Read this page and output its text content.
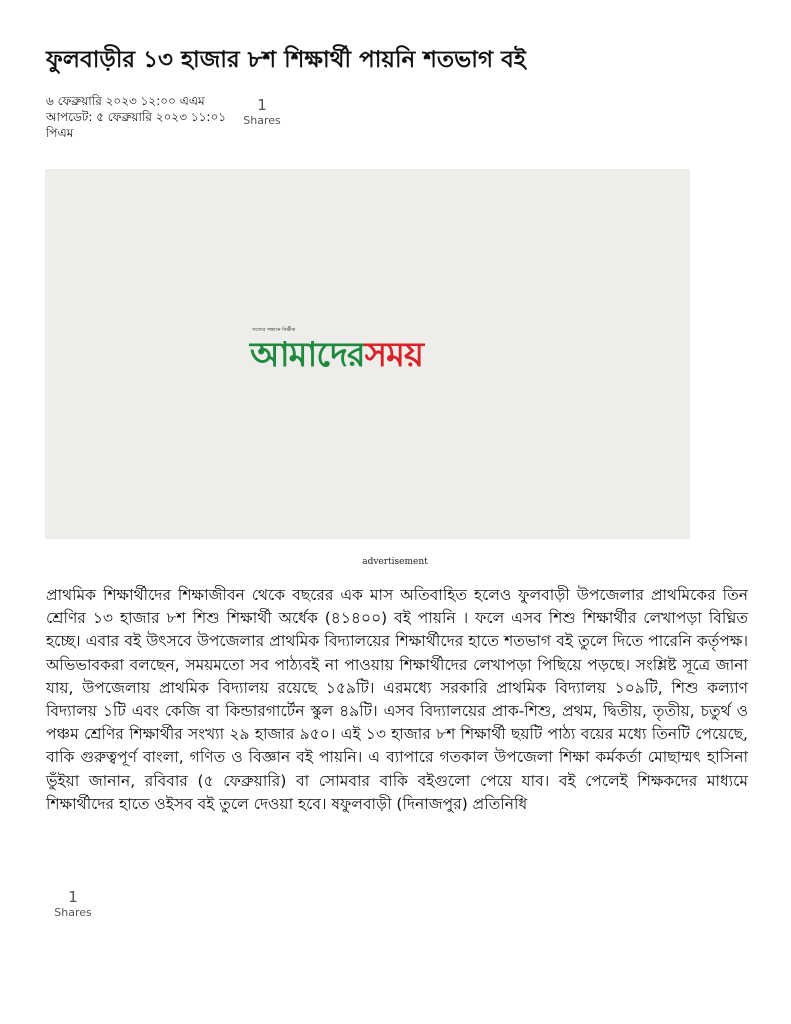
ফুলবাড়ীর ১৩ হাজার ৮শ শিক্ষার্থী পায়নি শতভাগ বই
৬ ফেব্রুয়ারি ২০২৩ ১২:০০ এএম
আপডেট: ৫ ফেব্রুয়ারি ২০২৩ ১১:০১ পিএম
1
Shares
সত্যের সন্ধানে নির্ভীক
আমাদেরসময়
advertisement

প্রাথমিক শিক্ষার্থীদের শিক্ষাজীবন থেকে বছরের এক মাস অতিবাহিত হলেও ফুলবাড়ী উপজেলার প্রাথমিকের তিন শ্রেণির ১৩ হাজার ৮শ শিশু শিক্ষার্থী অর্ধেক (৪১৪০০) বই পায়নি । ফলে এসব শিশু শিক্ষার্থীর লেখাপড়া বিঘ্নিত হচ্ছে। এবার বই উৎসবে উপজেলার প্রাথমিক বিদ্যালয়ের শিক্ষার্থীদের হাতে শতভাগ বই তুলে দিতে পারেনি কর্তৃপক্ষ। অভিভাবকরা বলছেন, সময়মতো সব পাঠ্যবই না পাওয়ায় শিক্ষার্থীদের লেখাপড়া পিছিয়ে পড়ছে। সংশ্লিষ্ট সূত্রে জানা যায়, উপজেলায় প্রাথমিক বিদ্যালয় রয়েছে ১৫৯টি। এরমধ্যে সরকারি প্রাথমিক বিদ্যালয় ১০৯টি, শিশু কল্যাণ বিদ্যালয় ১টি এবং কেজি বা কিন্ডারগার্টেন স্কুল ৪৯টি। এসব বিদ্যালয়ের প্রাক-শিশু, প্রথম, দ্বিতীয়, তৃতীয়, চতুর্থ ও পঞ্চম শ্রেণির শিক্ষার্থীর সংখ্যা ২৯ হাজার ৯৫০। এই ১৩ হাজার ৮শ শিক্ষার্থী ছয়টি পাঠ্য বয়ের মধ্যে তিনটি পেয়েছে, বাকি গুরুত্বপূর্ণ বাংলা, গণিত ও বিজ্ঞান বই পায়নি। এ ব্যাপারে গতকাল উপজেলা শিক্ষা কর্মকর্তা মোছাম্মৎ হাসিনা ভুঁইয়া জানান, রবিবার (৫ ফেব্রুয়ারি) বা সোমবার বাকি বইগুলো পেয়ে যাব। বই পেলেই শিক্ষকদের মাধ্যমে শিক্ষার্থীদের হাতে ওইসব বই তুলে দেওয়া হবে। ষফুলবাড়ী (দিনাজপুর) প্রতিনিধি

1
Shares
